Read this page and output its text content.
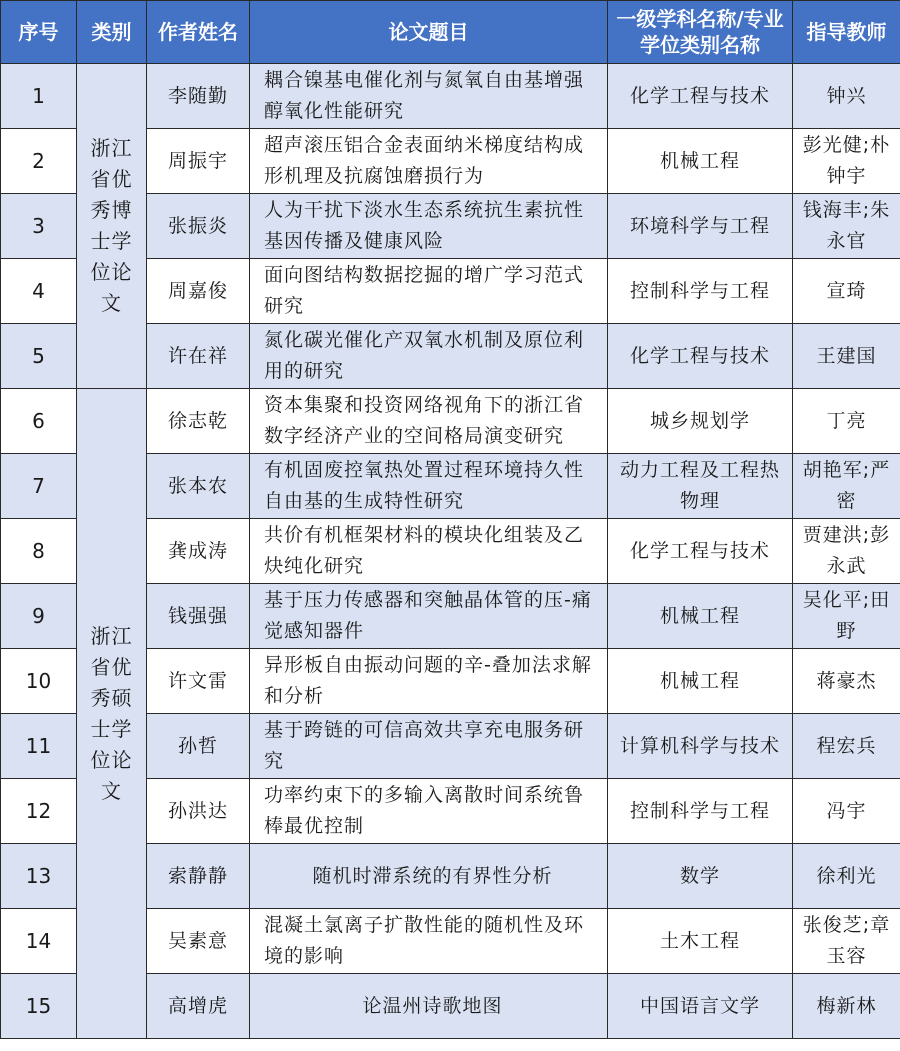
序号	类别	作者姓名	论文题目	一级学科名称/专业学位类别名称	指导教师
1	浙江省优秀博士学位论文	李随勤	耦合镍基电催化剂与氮氧自由基增强醇氧化性能研究	化学工程与技术	钟兴
2		周振宇	超声滚压铝合金表面纳米梯度结构成形机理及抗腐蚀磨损行为	机械工程	彭光健;朴钟宇
3		张振炎	人为干扰下淡水生态系统抗生素抗性基因传播及健康风险	环境科学与工程	钱海丰;朱永官
4		周嘉俊	面向图结构数据挖掘的增广学习范式研究	控制科学与工程	宣琦
5		许在祥	氮化碳光催化产双氧水机制及原位利用的研究	化学工程与技术	王建国
6	浙江省优秀硕士学位论文	徐志乾	资本集聚和投资网络视角下的浙江省数字经济产业的空间格局演变研究	城乡规划学	丁亮
7		张本农	有机固废控氧热处置过程环境持久性自由基的生成特性研究	动力工程及工程热物理	胡艳军;严密
8		龚成涛	共价有机框架材料的模块化组装及乙炔纯化研究	化学工程与技术	贾建洪;彭永武
9		钱强强	基于压力传感器和突触晶体管的压-痛觉感知器件	机械工程	吴化平;田野
10		许文雷	异形板自由振动问题的辛-叠加法求解和分析	机械工程	蒋豪杰
11		孙哲	基于跨链的可信高效共享充电服务研究	计算机科学与技术	程宏兵
12		孙洪达	功率约束下的多输入离散时间系统鲁棒最优控制	控制科学与工程	冯宇
13		索静静	随机时滞系统的有界性分析	数学	徐利光
14		吴素意	混凝土氯离子扩散性能的随机性及环境的影响	土木工程	张俊芝;章玉容
15		高增虎	论温州诗歌地图	中国语言文学	梅新林
